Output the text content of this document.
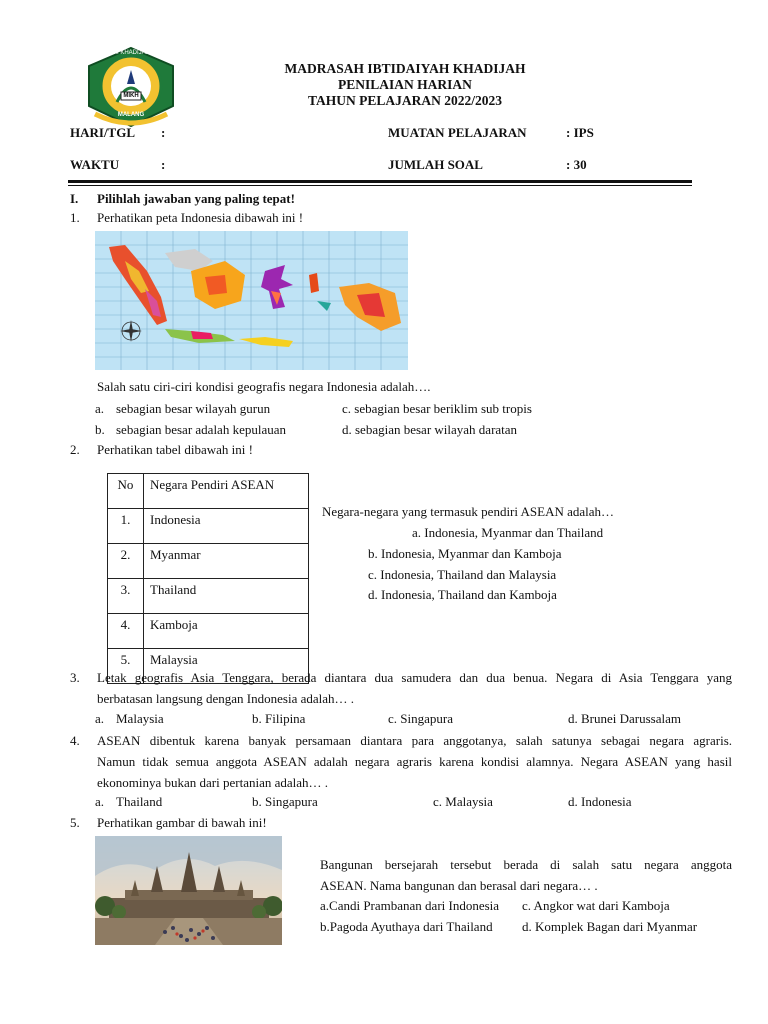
MI KHADIJAH
MIKH
MALANG
MADRASAH IBTIDAIYAH KHADIJAH
PENILAIAN HARIAN
TAHUN PELAJARAN 2022/2023
HARI/TGL :	MUATAN PELAJARAN	: IPS
WAKTU	:	JUMLAH SOAL	: 30
I. Pilihlah jawaban yang paling tepat!
1. Perhatikan peta Indonesia dibawah ini !
Salah satu ciri-ciri kondisi geografis negara Indonesia adalah….
a. sebagian besar wilayah gurun	c. sebagian besar beriklim sub tropis
b. sebagian besar adalah kepulauan	d. sebagian besar wilayah daratan
2. Perhatikan tabel dibawah ini !
No	Negara Pendiri ASEAN
1.	Indonesia
2.	Myanmar
3.	Thailand
4.	Kamboja
5.	Malaysia
Negara-negara yang termasuk pendiri ASEAN adalah…
a. Indonesia, Myanmar dan Thailand
b. Indonesia, Myanmar dan Kamboja
c. Indonesia, Thailand dan Malaysia
d. Indonesia, Thailand dan Kamboja
3. Letak geografis Asia Tenggara, berada diantara dua samudera dan dua benua. Negara di Asia Tenggara yang
berbatasan langsung dengan Indonesia adalah… .
a. Malaysia	b. Filipina	c. Singapura	d. Brunei Darussalam
4. ASEAN dibentuk karena banyak persamaan diantara para anggotanya, salah satunya sebagai negara agraris.
Namun tidak semua anggota ASEAN adalah negara agraris karena kondisi alamnya. Negara ASEAN yang hasil
ekonominya bukan dari pertanian adalah… .
a. Thailand	b. Singapura	c. Malaysia	d. Indonesia
5. Perhatikan gambar di bawah ini!
Bangunan bersejarah tersebut berada di salah satu negara anggota
ASEAN. Nama bangunan dan berasal dari negara… .
a.Candi Prambanan dari Indonesia c. Angkor wat dari Kamboja
b.Pagoda Ayuthaya dari Thailand d. Komplek Bagan dari Myanmar
